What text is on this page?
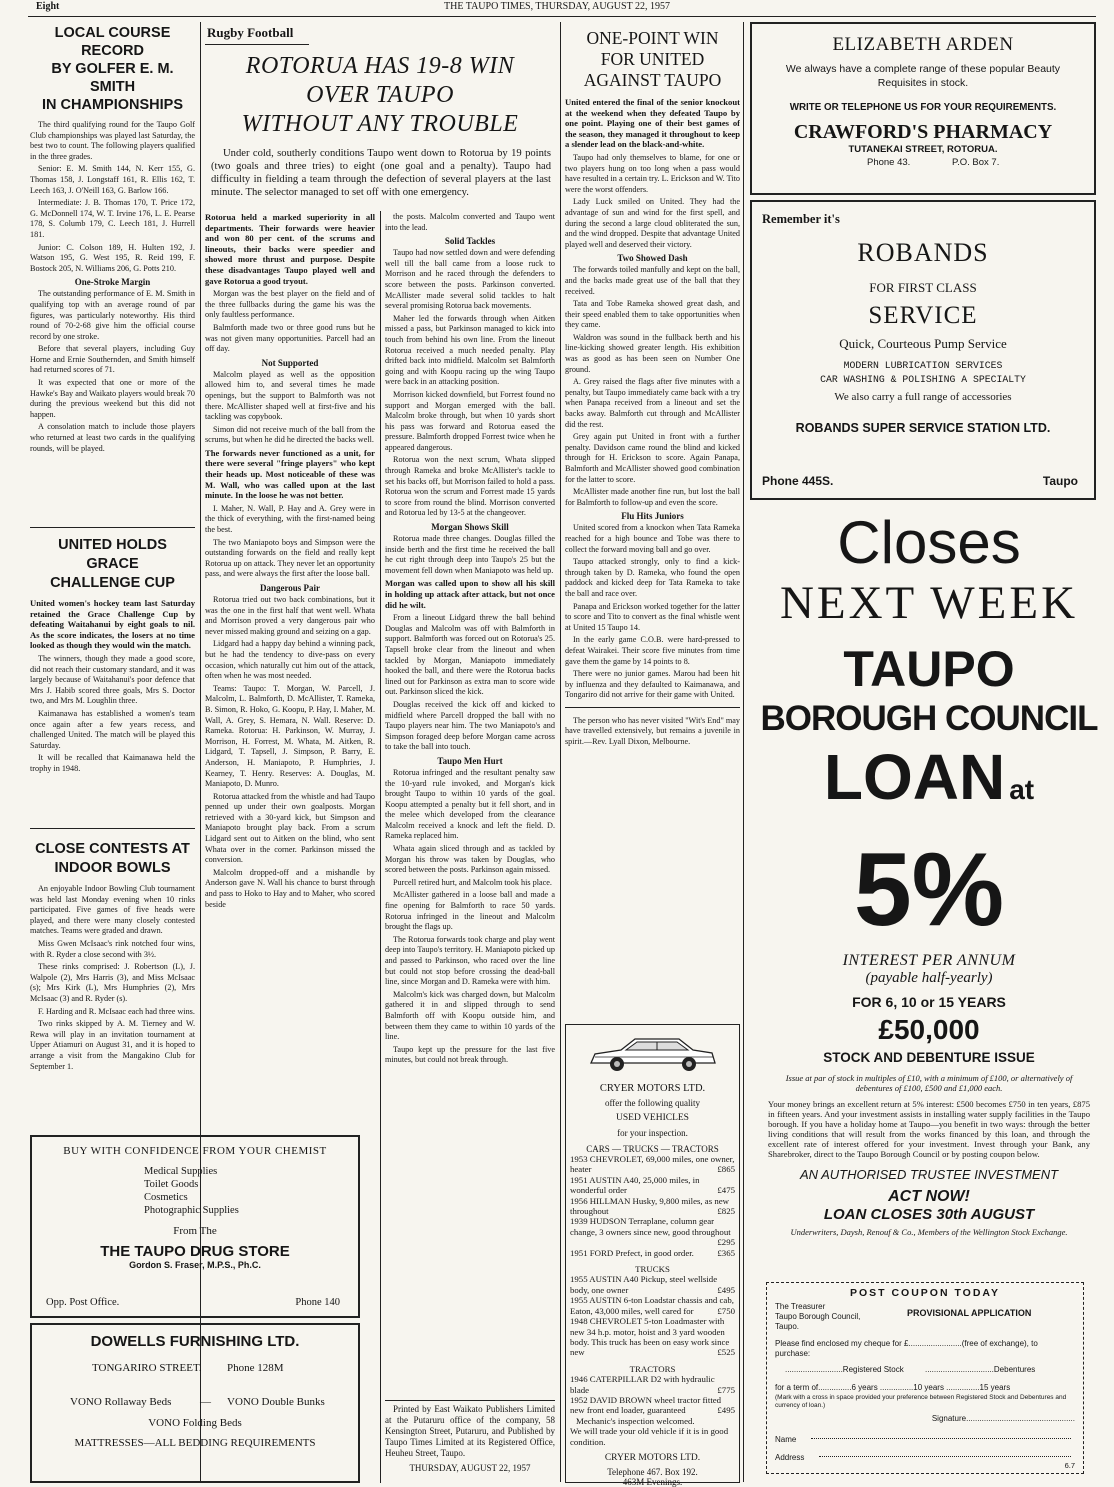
Eight	THE TAUPO TIMES, THURSDAY, AUGUST 22, 1957
LOCAL COURSE RECORD
BY GOLFER E. M. SMITH
IN CHAMPIONSHIPS

The third qualifying round for the Taupo Golf Club championships was played last Saturday, the best two to count. The following players qualified in the three grades.

Senior: E. M. Smith 144, N. Kerr 155, G. Thomas 158, J. Longstaff 161, R. Ellis 162, T. Leech 163, J. O'Neill 163, G. Barlow 166.

Intermediate: J. B. Thomas 170, T. Price 172, G. McDonnell 174, W. T. Irvine 176, L. E. Pearse 178, S. Columb 179, C. Leech 181, J. Hurrell 181.

Junior: C. Colson 189, H. Hulten 192, J. Watson 195, G. West 195, R. Reid 199, F. Bostock 205, N. Williams 206, G. Potts 210.

One-Stroke Margin

The outstanding performance of E. M. Smith in qualifying top with an average round of par figures, was particularly noteworthy. His third round of 70-2-68 give him the official course record by one stroke.

Before that several players, including Guy Horne and Ernie Southernden, and Smith himself had returned scores of 71.

It was expected that one or more of the Hawke's Bay and Waikato players would break 70 during the previous weekend but this did not happen.

A consolation match to include those players who returned at least two cards in the qualifying rounds, will be played.

UNITED HOLDS GRACE
CHALLENGE CUP

United women's hockey team last Saturday retained the Grace Challenge Cup by defeating Waitahanui by eight goals to nil. As the score indicates, the losers at no time looked as though they would win the match.

The winners, though they made a good score, did not reach their customary standard, and it was largely because of Waitahanui's poor defence that Mrs J. Habib scored three goals, Mrs S. Doctor two, and Mrs M. Loughlin three.

Kaimanawa has established a women's team once again after a few years recess, and challenged United. The match will be played this Saturday.

It will be recalled that Kaimanawa held the trophy in 1948.

CLOSE CONTESTS AT
INDOOR BOWLS

An enjoyable Indoor Bowling Club tournament was held last Monday evening when 10 rinks participated. Five games of five heads were played, and there were many closely contested matches. Teams were graded and drawn.

Miss Gwen McIsaac's rink notched four wins, with R. Ryder a close second with 3½.

These rinks comprised: J. Robertson (L), J. Walpole (2), Mrs Harris (3), and Miss McIsaac (s); Mrs Kirk (L), Mrs Humphries (2), Mrs McIsaac (3) and R. Ryder (s).

F. Harding and R. McIsaac each had three wins.

Two rinks skipped by A. M. Tierney and W. Rewa will play in an invitation tournament at Upper Atiamuri on August 31, and it is hoped to arrange a visit from the Mangakino Club for September 1.

BUY WITH CONFIDENCE FROM YOUR CHEMIST
Medical Supplies
Toilet Goods
Cosmetics
Photographic Supplies
From The
THE TAUPO DRUG STORE
Gordon S. Fraser, M.P.S., Ph.C.
Opp. Post Office.	Phone 140
DOWELLS FURNISHING LTD.
TONGARIRO STREET. Phone 128M
VONO Rollaway Beds	— VONO Double Bunks
VONO Folding Beds
MATTRESSES—ALL BEDDING REQUIREMENTS
Rugby Football
ROTORUA HAS 19-8 WIN
OVER TAUPO
WITHOUT ANY TROUBLE

Under cold, southerly conditions Taupo went down to Rotorua by 19 points (two goals and three tries) to eight (one goal and a penalty). Taupo had difficulty in fielding a team through the defection of several players at the last minute. The selector managed to set off with one emergency.

Rotorua held a marked superiority in all departments. Their forwards were heavier and won 80 per cent. of the scrums and lineouts, their backs were speedier and showed more thrust and purpose. Despite these disadvantages Taupo played well and gave Rotorua a good tryout.

Morgan was the best player on the field and of the three fullbacks during the game his was the only faultless performance.

Balmforth made two or three good runs but he was not given many opportunities. Parcell had an off day.

Not Supported

Malcolm played as well as the opposition allowed him to, and several times he made openings, but the support to Balmforth was not there. McAllister shaped well at first-five and his tackling was copybook.

Simon did not receive much of the ball from the scrums, but when he did he directed the backs well.

The forwards never functioned as a unit, for there were several "fringe players" who kept their heads up. Most noticeable of these was M. Wall, who was called upon at the last minute. In the loose he was not better.

I. Maher, N. Wall, P. Hay and A. Grey were in the thick of everything, with the first-named being the best.

The two Maniapoto boys and Simpson were the outstanding forwards on the field and really kept Rotorua up on attack. They never let an opportunity pass, and were always the first after the loose ball.

Dangerous Pair

Rotorua tried out two back combinations, but it was the one in the first half that went well. Whata and Morrison proved a very dangerous pair who never missed making ground and seizing on a gap.

Lidgard had a happy day behind a winning pack, but he had the tendency to dive-pass on every occasion, which naturally cut him out of the attack, often when he was most needed.

Teams: Taupo: T. Morgan, W. Parcell, J. Malcolm, L. Balmforth, D. McAllister, T. Rameka, B. Simon, R. Hoko, G. Koopu, P. Hay, I. Maher, M. Wall, A. Grey, S. Hemara, N. Wall. Reserve: D. Rameka. Rotorua: H. Parkinson, W. Murray, J. Morrison, H. Forrest, M. Whata, M. Aitken, R. Lidgard, T. Tapsell, J. Simpson, P. Barry, E. Anderson, H. Maniapoto, P. Humphries, J. Kearney, T. Henry. Reserves: A. Douglas, M. Maniapoto, D. Munro.

Rotorua attacked from the whistle and had Taupo penned up under their own goalposts. Morgan retrieved with a 30-yard kick, but Simpson and Maniapoto brought play back. From a scrum Lidgard sent out to Aitken on the blind, who sent Whata over in the corner. Parkinson missed the conversion.

Malcolm dropped-off and a mishandle by Anderson gave N. Wall his chance to burst through and pass to Hoko to Hay and to Maher, who scored beside

the posts. Malcolm converted and Taupo went into the lead.

Solid Tackles

Taupo had now settled down and were defending well till the ball came from a loose ruck to Morrison and he raced through the defenders to score between the posts. Parkinson converted. McAllister made several solid tackles to halt several promising Rotorua back movements.

Maher led the forwards through when Aitken missed a pass, but Parkinson managed to kick into touch from behind his own line. From the lineout Rotorua received a much needed penalty. Play drifted back into midfield. Malcolm set Balmforth going and with Koopu racing up the wing Taupo were back in an attacking position.

Morrison kicked downfield, but Forrest found no support and Morgan emerged with the ball. Malcolm broke through, but when 10 yards short his pass was forward and Rotorua eased the pressure. Balmforth dropped Forrest twice when he appeared dangerous.

Rotorua won the next scrum, Whata slipped through Rameka and broke McAllister's tackle to set his backs off, but Morrison failed to hold a pass. Rotorua won the scrum and Forrest made 15 yards to score from round the blind. Morrison converted and Rotorua led by 13-5 at the changeover.

Morgan Shows Skill

Rotorua made three changes. Douglas filled the inside berth and the first time he received the ball he cut right through deep into Taupo's 25 but the movement fell down when Maniapoto was held up.

Morgan was called upon to show all his skill in holding up attack after attack, but not once did he wilt.

From a lineout Lidgard threw the ball behind Douglas and Malcolm was off with Balmforth in support. Balmforth was forced out on Rotorua's 25. Tapsell broke clear from the lineout and when tackled by Morgan, Maniapoto immediately hooked the ball, and there were the Rotorua backs lined out for Parkinson as extra man to score wide out. Parkinson sliced the kick.

Douglas received the kick off and kicked to midfield where Parcell dropped the ball with no Taupo players near him. The two Maniapoto's and Simpson foraged deep before Morgan came across to take the ball into touch.

Taupo Men Hurt

Rotorua infringed and the resultant penalty saw the 10-yard rule invoked, and Morgan's kick brought Taupo to within 10 yards of the goal. Koopu attempted a penalty but it fell short, and in the melee which developed from the clearance Malcolm received a knock and left the field. D. Rameka replaced him.

Whata again sliced through and as tackled by Morgan his throw was taken by Douglas, who scored between the posts. Parkinson again missed.

Purcell retired hurt, and Malcolm took his place.

McAllister gathered in a loose ball and made a fine opening for Balmforth to race 50 yards. Rotorua infringed in the lineout and Malcolm brought the flags up.

The Rotorua forwards took charge and play went deep into Taupo's territory. H. Maniapoto picked up and passed to Parkinson, who raced over the line but could not stop before crossing the dead-ball line, since Morgan and D. Rameka were with him.

Malcolm's kick was charged down, but Malcolm gathered it in and slipped through to send Balmforth off with Koopu outside him, and between them they came to within 10 yards of the line.

Taupo kept up the pressure for the last five minutes, but could not break through.

Printed by East Waikato Publishers Limited at the Putaruru office of the company, 58 Kensington Street, Putaruru, and Published by Taupo Times Limited at its Registered Office, Heuheu Street, Taupo.

THURSDAY, AUGUST 22, 1957
ONE-POINT WIN
FOR UNITED
AGAINST TAUPO

United entered the final of the senior knockout at the weekend when they defeated Taupo by one point. Playing one of their best games of the season, they managed it throughout to keep a slender lead on the black-and-white.

Taupo had only themselves to blame, for one or two players hung on too long when a pass would have resulted in a certain try. L. Erickson and W. Tito were the worst offenders.

Lady Luck smiled on United. They had the advantage of sun and wind for the first spell, and during the second a large cloud obliterated the sun, and the wind dropped. Despite that advantage United played well and deserved their victory.

Two Showed Dash

The forwards toiled manfully and kept on the ball, and the backs made great use of the ball that they received.

Tata and Tobe Rameka showed great dash, and their speed enabled them to take opportunities when they came.

Waldron was sound in the fullback berth and his line-kicking showed greater length. His exhibition was as good as has been seen on Number One ground.

A. Grey raised the flags after five minutes with a penalty, but Taupo immediately came back with a try when Panapa received from a lineout and set the backs away. Balmforth cut through and McAllister did the rest.

Grey again put United in front with a further penalty. Davidson came round the blind and kicked through for H. Erickson to score. Again Panapa, Balmforth and McAllister showed good combination for the latter to score.

McAllister made another fine run, but lost the ball for Balmforth to follow-up and even the score.

Flu Hits Juniors

United scored from a knockon when Tata Rameka reached for a high bounce and Tobe was there to collect the forward moving ball and go over.

Taupo attacked strongly, only to find a kick-through taken by D. Rameka, who found the open paddock and kicked deep for Tata Rameka to take the ball and race over.

Panapa and Erickson worked together for the latter to score and Tito to convert as the final whistle went at United 15 Taupo 14.

In the early game C.O.B. were hard-pressed to defeat Wairakei. Their score five minutes from time gave them the game by 14 points to 8.

There were no junior games. Marou had been hit by influenza and they defaulted to Kaimanawa, and Tongariro did not arrive for their game with United.

The person who has never visited "Wit's End" may have travelled extensively, but remains a juvenile in spirit.—Rev. Lyall Dixon, Melbourne.

CRYER MOTORS LTD.
offer the following quality
USED VEHICLES
for your inspection.
CARS — TRUCKS — TRACTORS
1953 CHEVROLET, 69,000 miles, one owner, heater	£865
1951 AUSTIN A40, 25,000 miles, in wonderful order	£475
1956 HILLMAN Husky, 9,800 miles, as new throughout	£825
1939 HUDSON Terraplane, column gear change, 3 owners since new, good throughout
£295
1951 FORD Prefect, in good order.	£365
TRUCKS
1955 AUSTIN A40 Pickup, steel wellside body, one owner	£495
1955 AUSTIN 6-ton Loadstar chassis and cab, Eaton, 43,000 miles, well cared for	£750
1948 CHEVROLET 5-ton Loadmaster with new 34 h.p. motor, hoist and 3 yard wooden body. This truck has been on easy work since new	£525
TRACTORS
1946 CATERPILLAR D2 with hydraulic blade	£775
1952 DAVID BROWN wheel tractor fitted new front end loader, guaranteed	£495
Mechanic's inspection welcomed.
We will trade your old vehicle if it is in good condition.
CRYER MOTORS LTD.
Telephone 467. Box 192.
463M Evenings.
ELIZABETH ARDEN
We always have a complete range of these popular Beauty Requisites in stock.
WRITE OR TELEPHONE US FOR YOUR REQUIREMENTS.
CRAWFORD'S PHARMACY
TUTANEKAI STREET, ROTORUA.
Phone 43.	P.O. Box 7.
Remember it's
ROBANDS
FOR FIRST CLASS
SERVICE
Quick, Courteous Pump Service
MODERN LUBRICATION SERVICES
CAR WASHING & POLISHING A SPECIALTY
We also carry a full range of accessories
ROBANDS SUPER SERVICE STATION LTD.
Phone 445S.	Taupo
Closes
NEXT WEEK
TAUPO
BOROUGH COUNCIL
LOAN at
5%
INTEREST PER ANNUM
(payable half-yearly)
FOR 6, 10 or 15 YEARS
£50,000
STOCK AND DEBENTURE ISSUE
Issue at par of stock in multiples of £10, with a minimum of £100, or alternatively of debentures of £100, £500 and £1,000 each.
Your money brings an excellent return at 5% interest: £500 becomes £750 in ten years, £875 in fifteen years. And your investment assists in installing water supply facilities in the Taupo borough. If you have a holiday home at Taupo—you benefit in two ways: through the better living conditions that will result from the works financed by this loan, and through the excellent rate of interest offered for your investment. Invest through your Bank, any Sharebroker, direct to the Taupo Borough Council or by posting coupon below.
AN AUTHORISED TRUSTEE INVESTMENT
ACT NOW!
LOAN CLOSES 30th AUGUST
Underwriters, Daysh, Renouf & Co., Members of the Wellington Stock Exchange.
POST COUPON TODAY
The Treasurer
Taupo Borough Council,
Taupo.
PROVISIONAL APPLICATION
Please find enclosed my cheque for £........................(free of exchange), to purchase:
..........................Registered Stock	...............................Debentures
for a term of...............6 years ...............10 years ...............15 years
(Mark with a cross in space provided your preference between Registered Stock and Debentures and currency of loan.)
Signature.................................................
Name
Address
6.7
